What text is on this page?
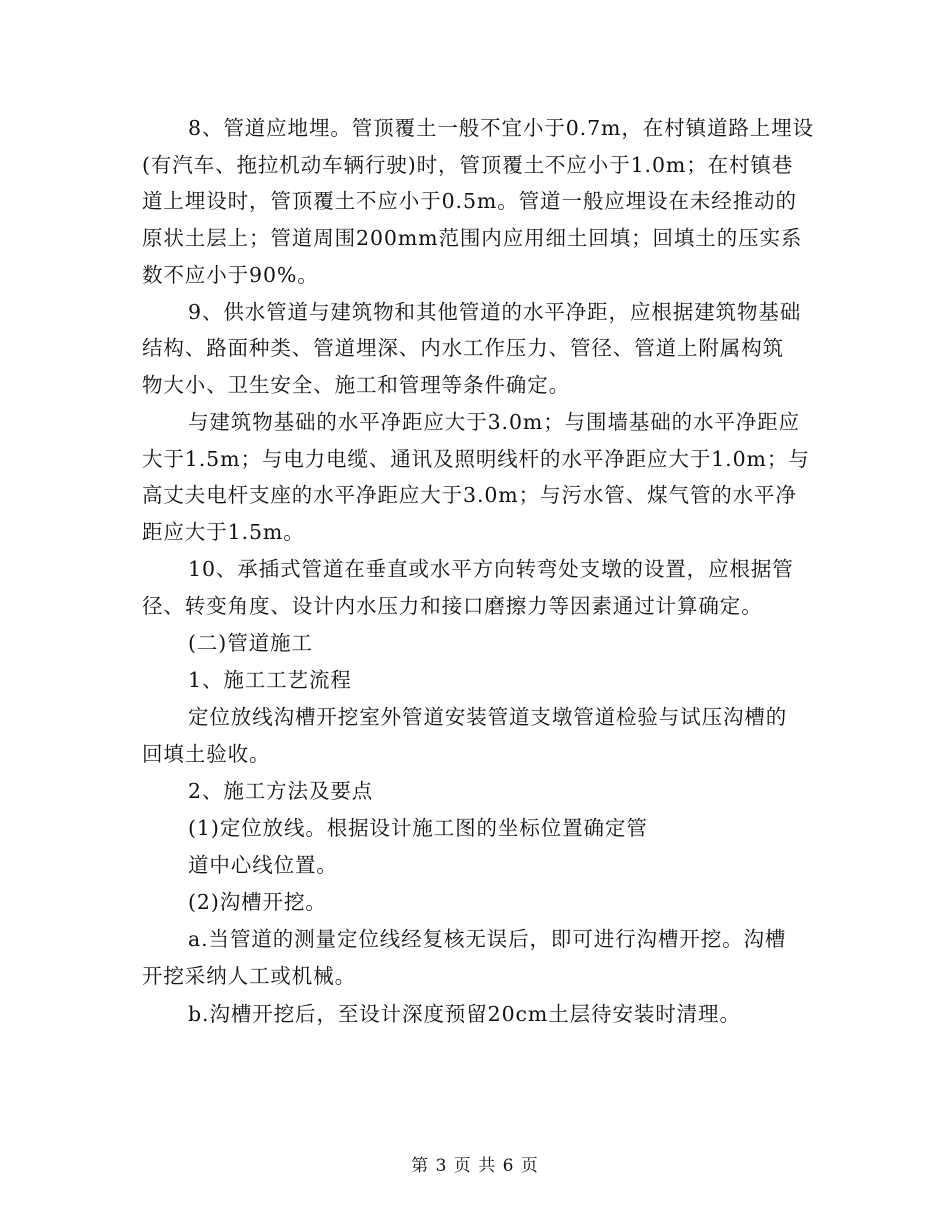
8、管道应地埋。管顶覆土一般不宜小于0.7m，在村镇道路上埋设
(有汽车、拖拉机动车辆行驶)时，管顶覆土不应小于1.0m；在村镇巷
道上埋设时，管顶覆土不应小于0.5m。管道一般应埋设在未经推动的
原状土层上；管道周围200mm范围内应用细土回填；回填土的压实系
数不应小于90%。
9、供水管道与建筑物和其他管道的水平净距，应根据建筑物基础
结构、路面种类、管道埋深、内水工作压力、管径、管道上附属构筑
物大小、卫生安全、施工和管理等条件确定。
与建筑物基础的水平净距应大于3.0m；与围墙基础的水平净距应
大于1.5m；与电力电缆、通讯及照明线杆的水平净距应大于1.0m；与
高丈夫电杆支座的水平净距应大于3.0m；与污水管、煤气管的水平净
距应大于1.5m。
10、承插式管道在垂直或水平方向转弯处支墩的设置，应根据管
径、转变角度、设计内水压力和接口磨擦力等因素通过计算确定。
(二)管道施工
1、施工工艺流程
定位放线沟槽开挖室外管道安装管道支墩管道检验与试压沟槽的
回填土验收。
2、施工方法及要点
(1)定位放线。根据设计施工图的坐标位置确定管
道中心线位置。
(2)沟槽开挖。
a.当管道的测量定位线经复核无误后，即可进行沟槽开挖。沟槽
开挖采纳人工或机械。
b.沟槽开挖后，至设计深度预留20cm土层待安装时清理。
第 3 页 共 6 页
